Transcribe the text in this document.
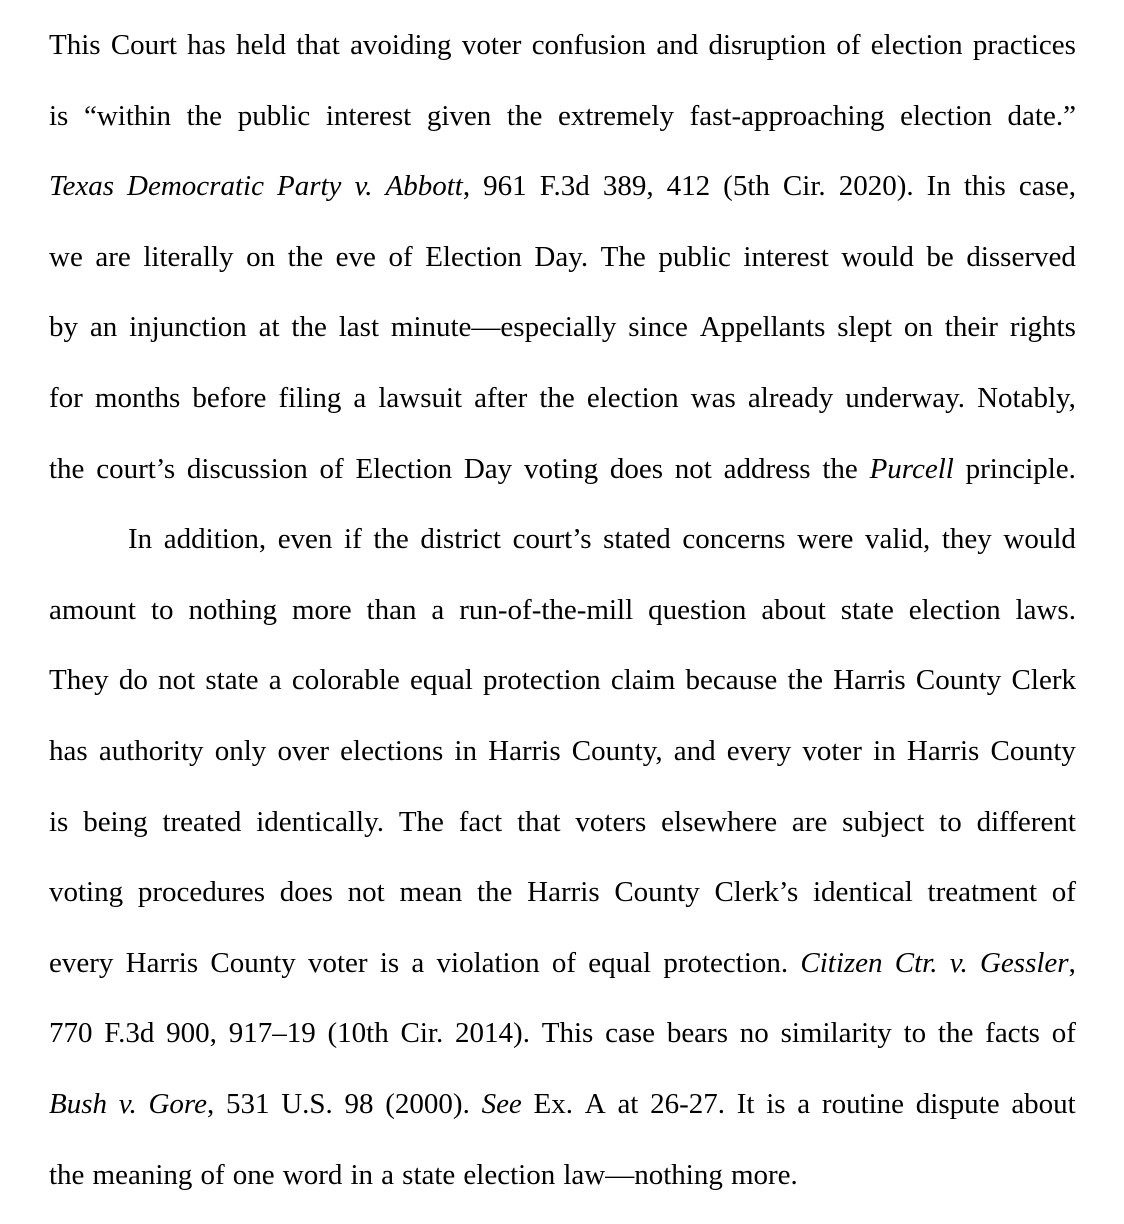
This Court has held that avoiding voter confusion and disruption of election practices
is “within the public interest given the extremely fast-approaching election date.”
Texas Democratic Party v. Abbott, 961 F.3d 389, 412 (5th Cir. 2020). In this case,
we are literally on the eve of Election Day. The public interest would be disserved
by an injunction at the last minute—especially since Appellants slept on their rights
for months before filing a lawsuit after the election was already underway. Notably,
the court’s discussion of Election Day voting does not address the Purcell principle.
In addition, even if the district court’s stated concerns were valid, they would
amount to nothing more than a run-of-the-mill question about state election laws.
They do not state a colorable equal protection claim because the Harris County Clerk
has authority only over elections in Harris County, and every voter in Harris County
is being treated identically. The fact that voters elsewhere are subject to different
voting procedures does not mean the Harris County Clerk’s identical treatment of
every Harris County voter is a violation of equal protection. Citizen Ctr. v. Gessler,
770 F.3d 900, 917–19 (10th Cir. 2014). This case bears no similarity to the facts of
Bush v. Gore, 531 U.S. 98 (2000). See Ex. A at 26-27. It is a routine dispute about
the meaning of one word in a state election law—nothing more.
